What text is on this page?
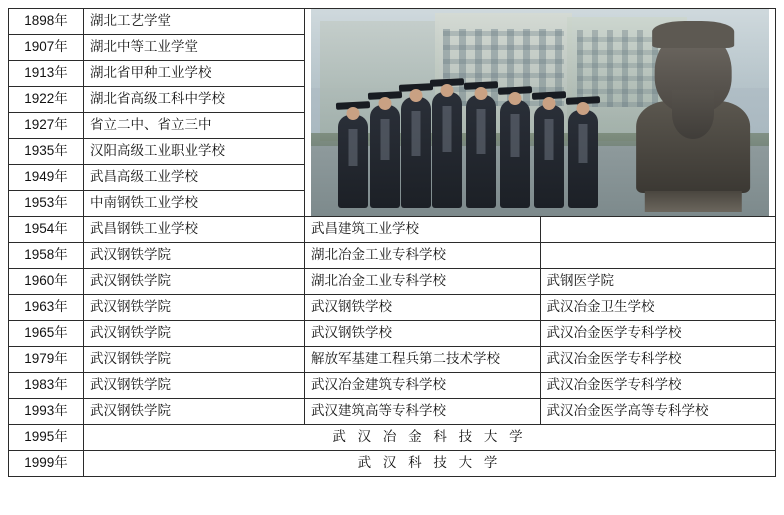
1898年	湖北工艺学堂		

1907年	湖北中等工业学堂		
1913年	湖北省甲种工业学校		
1922年	湖北省高级工科中学校		
1927年	省立二中、省立三中		
1935年	汉阳高级工业职业学校		
1949年	武昌高级工业学校		
1953年	中南钢铁工业学校		
1954年	武昌钢铁工业学校	武昌建筑工业学校	
1958年	武汉钢铁学院	湖北冶金工业专科学校	
1960年	武汉钢铁学院	湖北冶金工业专科学校	武钢医学院
1963年	武汉钢铁学院	武汉钢铁学校	武汉冶金卫生学校
1965年	武汉钢铁学院	武汉钢铁学校	武汉冶金医学专科学校
1979年	武汉钢铁学院	解放军基建工程兵第二技术学校	武汉冶金医学专科学校
1983年	武汉钢铁学院	武汉冶金建筑专科学校	武汉冶金医学专科学校
1993年	武汉钢铁学院	武汉建筑高等专科学校	武汉冶金医学高等专科学校
1995年	武 汉 冶 金 科 技 大 学		
1999年	武 汉 科 技 大 学		
